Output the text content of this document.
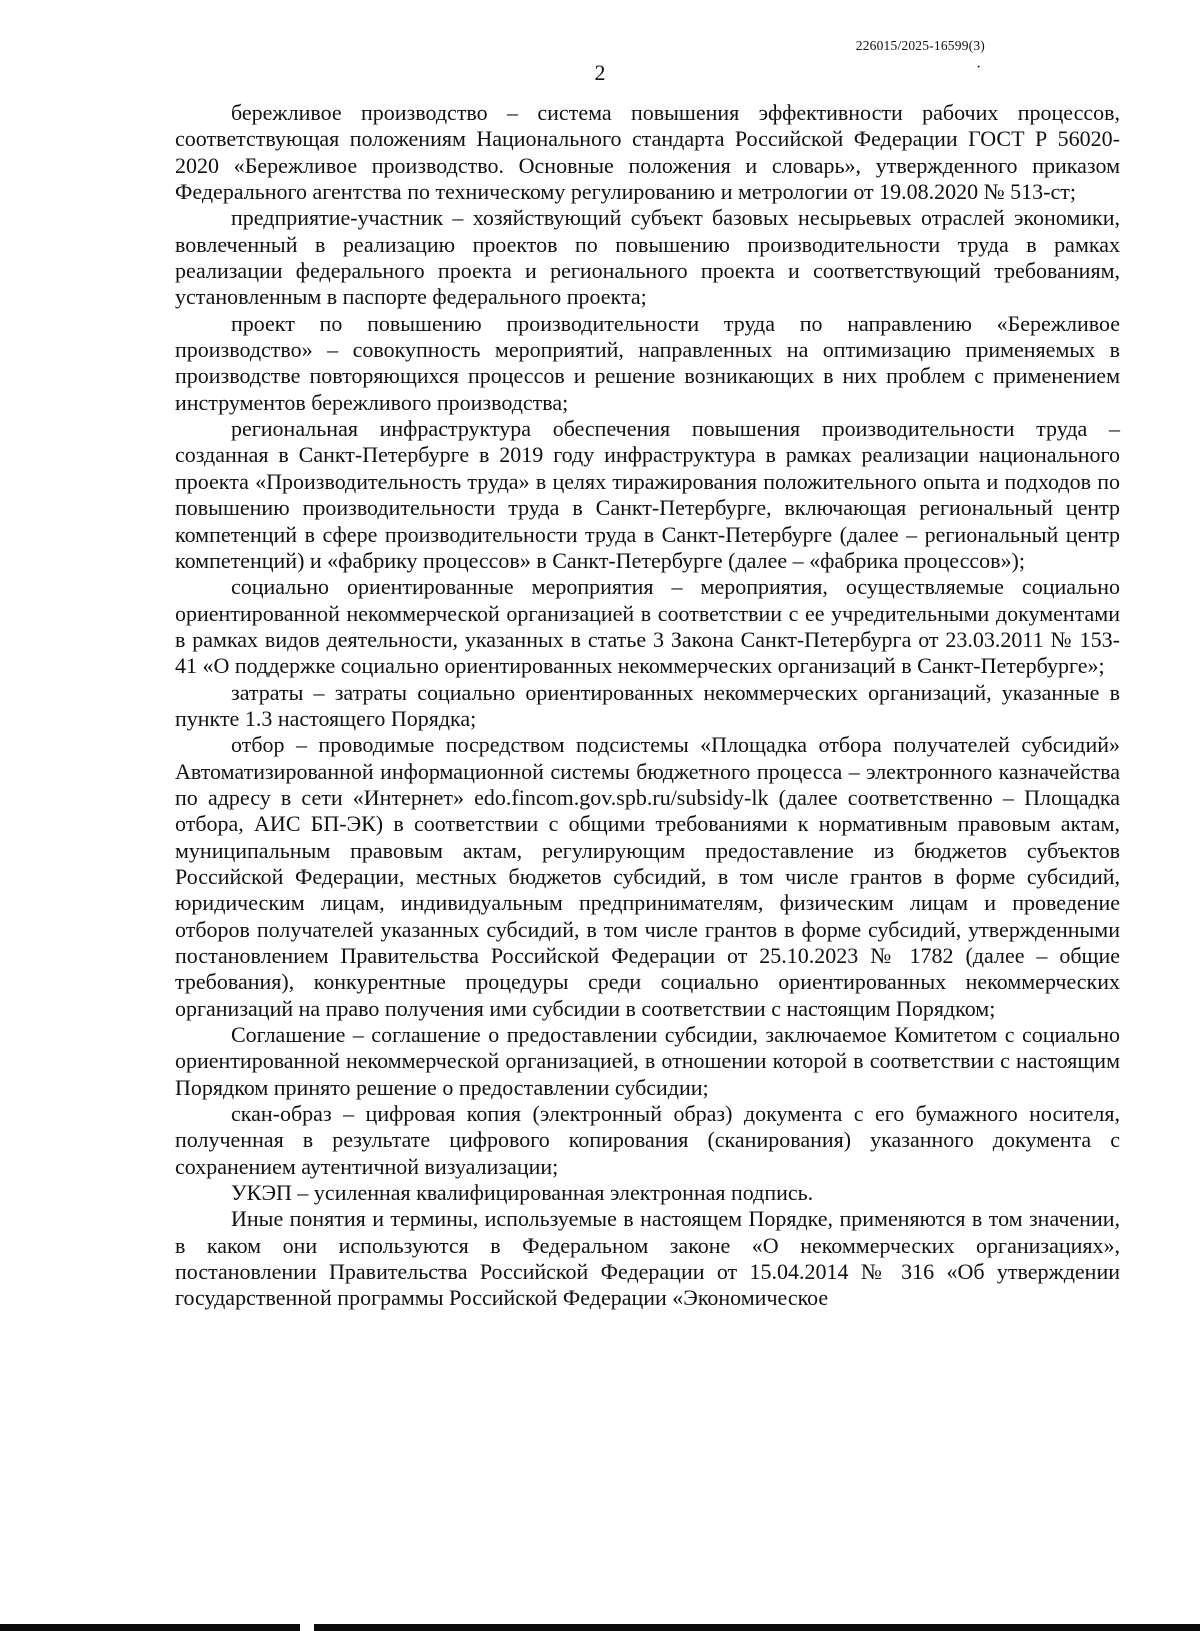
226015/2025-16599(3)
·
2

бережливое производство – система повышения эффективности рабочих процессов, соответствующая положениям Национального стандарта Российской Федерации ГОСТ Р 56020-2020 «Бережливое производство. Основные положения и словарь», утвержденного приказом Федерального агентства по техническому регулированию и метрологии от 19.08.2020 № 513-ст;

предприятие-участник – хозяйствующий субъект базовых несырьевых отраслей экономики, вовлеченный в реализацию проектов по повышению производительности труда в рамках реализации федерального проекта и регионального проекта и соответствующий требованиям, установленным в паспорте федерального проекта;

проект по повышению производительности труда по направлению «Бережливое производство» – совокупность мероприятий, направленных на оптимизацию применяемых в производстве повторяющихся процессов и решение возникающих в них проблем с применением инструментов бережливого производства;

региональная инфраструктура обеспечения повышения производительности труда – созданная в Санкт-Петербурге в 2019 году инфраструктура в рамках реализации национального проекта «Производительность труда» в целях тиражирования положительного опыта и подходов по повышению производительности труда в Санкт-Петербурге, включающая региональный центр компетенций в сфере производительности труда в Санкт-Петербурге (далее – региональный центр компетенций) и «фабрику процессов» в Санкт-Петербурге (далее – «фабрика процессов»);

социально ориентированные мероприятия – мероприятия, осуществляемые социально ориентированной некоммерческой организацией в соответствии с ее учредительными документами в рамках видов деятельности, указанных в статье 3 Закона Санкт-Петербурга от 23.03.2011 № 153-41 «О поддержке социально ориентированных некоммерческих организаций в Санкт-Петербурге»;

затраты – затраты социально ориентированных некоммерческих организаций, указанные в пункте 1.3 настоящего Порядка;

отбор – проводимые посредством подсистемы «Площадка отбора получателей субсидий» Автоматизированной информационной системы бюджетного процесса – электронного казначейства по адресу в сети «Интернет» edo.fincom.gov.spb.ru/subsidy-lk (далее соответственно – Площадка отбора, АИС БП-ЭК) в соответствии с общими требованиями к нормативным правовым актам, муниципальным правовым актам, регулирующим предоставление из бюджетов субъектов Российской Федерации, местных бюджетов субсидий, в том числе грантов в форме субсидий, юридическим лицам, индивидуальным предпринимателям, физическим лицам и проведение отборов получателей указанных субсидий, в том числе грантов в форме субсидий, утвержденными постановлением Правительства Российской Федерации от 25.10.2023 № 1782 (далее – общие требования), конкурентные процедуры среди социально ориентированных некоммерческих организаций на право получения ими субсидии в соответствии с настоящим Порядком;

Соглашение – соглашение о предоставлении субсидии, заключаемое Комитетом с социально ориентированной некоммерческой организацией, в отношении которой в соответствии с настоящим Порядком принято решение о предоставлении субсидии;

скан-образ – цифровая копия (электронный образ) документа с его бумажного носителя, полученная в результате цифрового копирования (сканирования) указанного документа с сохранением аутентичной визуализации;

УКЭП – усиленная квалифицированная электронная подпись.

Иные понятия и термины, используемые в настоящем Порядке, применяются в том значении, в каком они используются в Федеральном законе «О некоммерческих организациях», постановлении Правительства Российской Федерации от 15.04.2014 № 316 «Об утверждении государственной программы Российской Федерации «Экономическое
